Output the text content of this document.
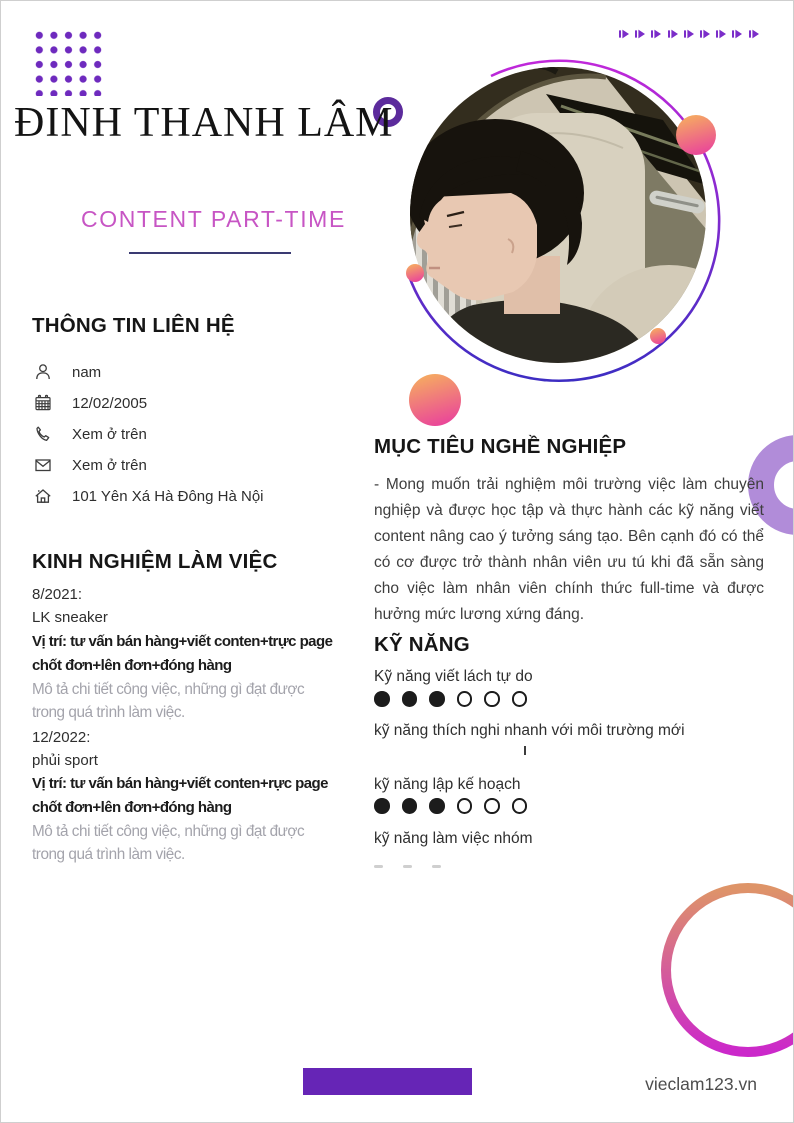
ĐINH THANH LÂM
CONTENT PART-TIME
THÔNG TIN LIÊN HỆ
nam
12/02/2005
Xem ở trên
Xem ở trên
101 Yên Xá Hà Đông Hà Nội
KINH NGHIỆM LÀM VIỆC
8/2021:
LK sneaker
Vị trí: tư vấn bán hàng+viết conten+trực page
chốt đơn+lên đơn+đóng hàng
Mô tả chi tiết công việc, những gì đạt được
trong quá trình làm việc.
12/2022:
phủi sport
Vị trí: tư vấn bán hàng+viết conten+rực page
chốt đơn+lên đơn+đóng hàng
Mô tả chi tiết công việc, những gì đạt được
trong quá trình làm việc.
MỤC TIÊU NGHỀ NGHIỆP

- Mong muốn trải nghiệm môi trường việc làm chuyên nghiệp và được học tập và thực hành các kỹ năng viết content nâng cao ý tưởng sáng tạo. Bên cạnh đó có thể có cơ được trở thành nhân viên ưu tú khi đã sẵn sàng cho việc làm nhân viên chính thức full-time và được hưởng mức lương xứng đáng.

KỸ NĂNG
Kỹ năng viết lách tự do
kỹ năng thích nghi nhanh với môi trường mới
kỹ năng lập kế hoạch
kỹ năng làm việc nhóm
vieclam123.vn
